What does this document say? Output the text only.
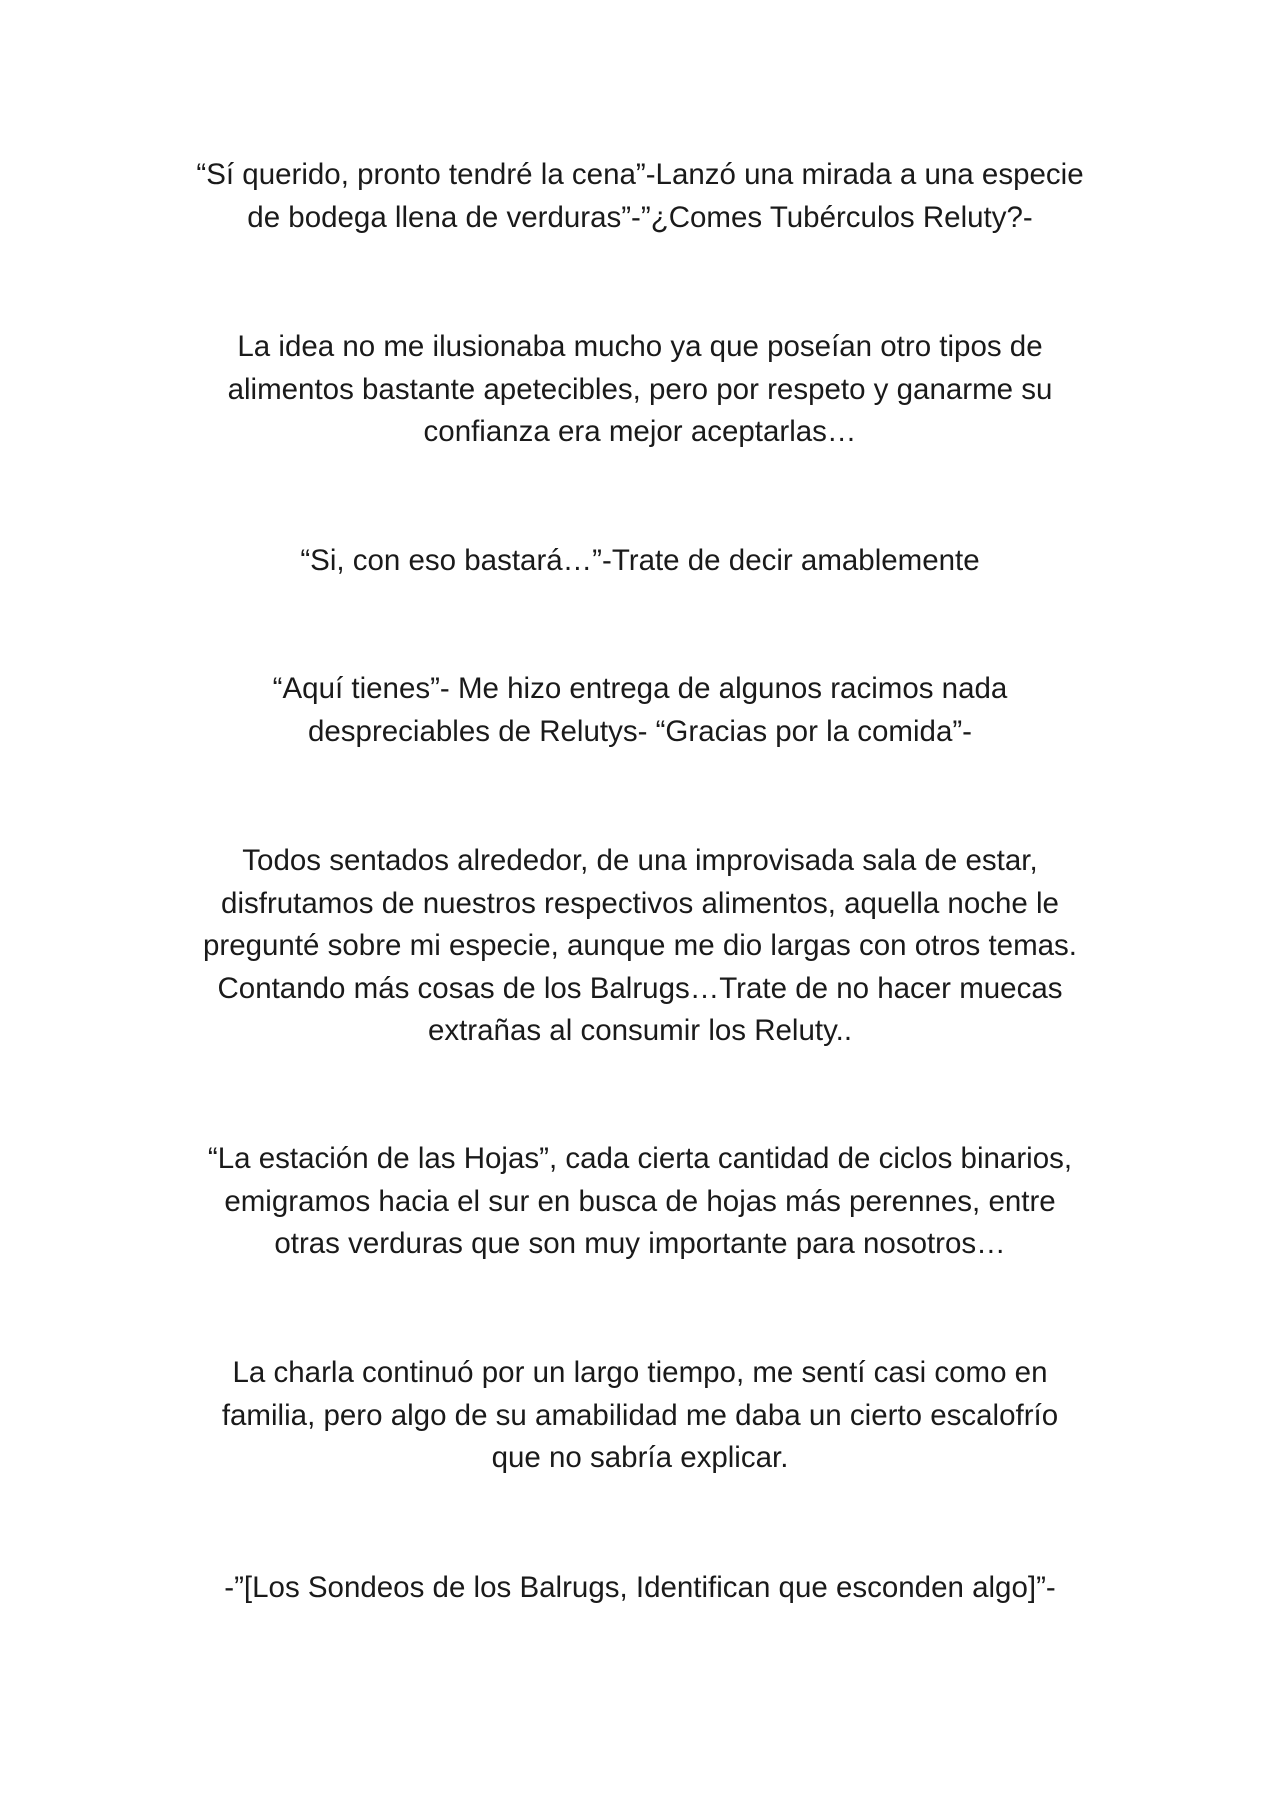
“Sí querido, pronto tendré la cena”-Lanzó una mirada a una especie
de bodega llena de verduras”-”¿Comes Tubérculos Reluty?-

La idea no me ilusionaba mucho ya que poseían otro tipos de
alimentos bastante apetecibles, pero por respeto y ganarme su
confianza era mejor aceptarlas…

“Si, con eso bastará…”-Trate de decir amablemente

“Aquí tienes”- Me hizo entrega de algunos racimos nada
despreciables de Relutys- “Gracias por la comida”-

Todos sentados alrededor, de una improvisada sala de estar,
disfrutamos de nuestros respectivos alimentos, aquella noche le
pregunté sobre mi especie, aunque me dio largas con otros temas.
Contando más cosas de los Balrugs…Trate de no hacer muecas
extrañas al consumir los Reluty..

“La estación de las Hojas”, cada cierta cantidad de ciclos binarios,
emigramos hacia el sur en busca de hojas más perennes, entre
otras verduras que son muy importante para nosotros…

La charla continuó por un largo tiempo, me sentí casi como en
familia, pero algo de su amabilidad me daba un cierto escalofrío
que no sabría explicar.

-”[Los Sondeos de los Balrugs, Identifican que esconden algo]”-
